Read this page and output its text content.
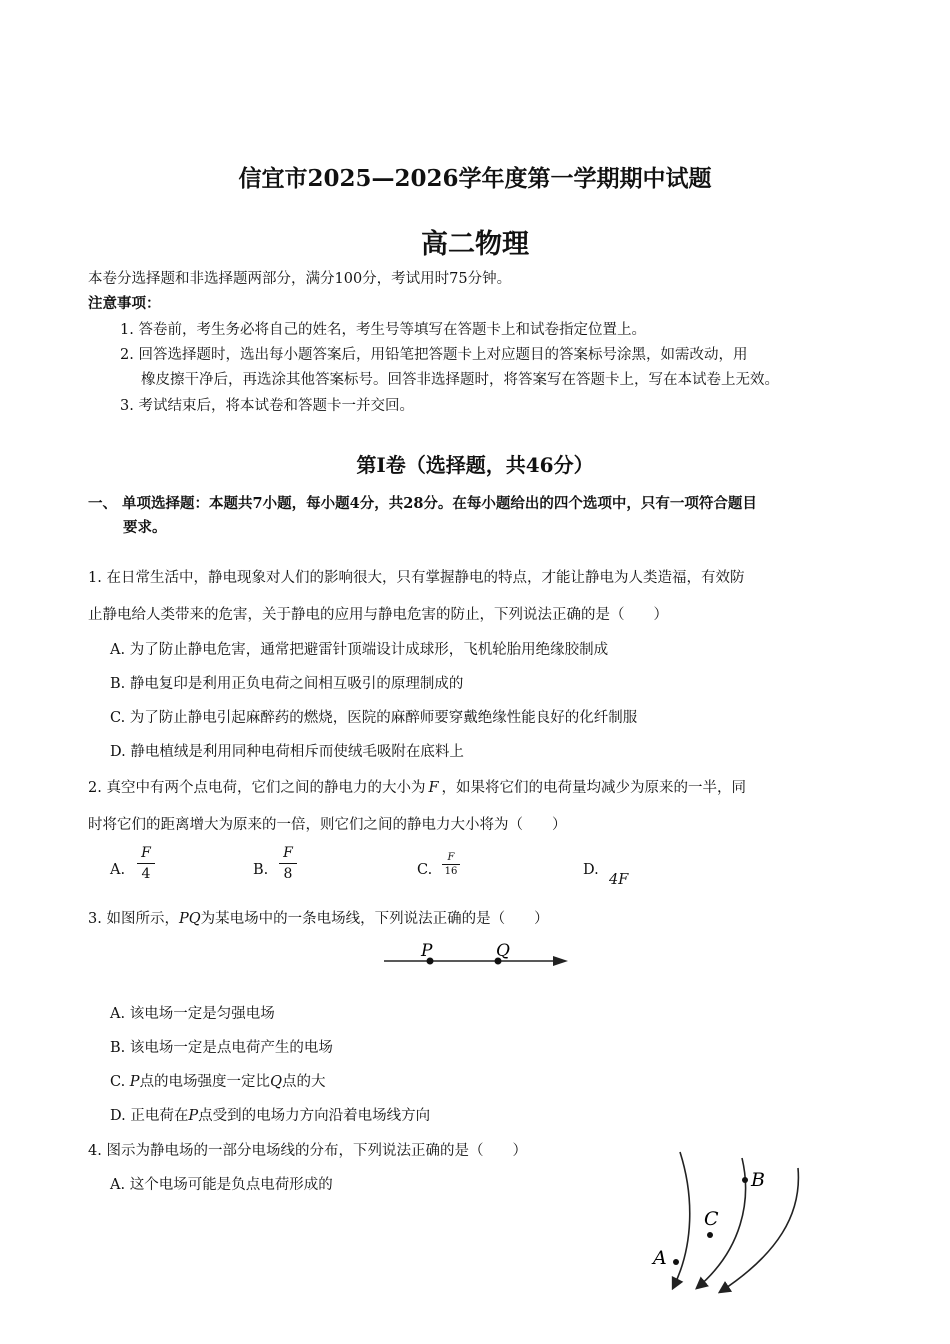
信宜市2025—2026学年度第一学期期中试题
高二物理
本卷分选择题和非选择题两部分，满分100分，考试用时75分钟。
注意事项：
1. 答卷前，考生务必将自己的姓名，考生号等填写在答题卡上和试卷指定位置上。
2. 回答选择题时，选出每小题答案后，用铅笔把答题卡上对应题目的答案标号涂黑，如需改动，用
橡皮擦干净后，再选涂其他答案标号。回答非选择题时，将答案写在答题卡上，写在本试卷上无效。
3. 考试结束后，将本试卷和答题卡一并交回。
第Ⅰ卷（选择题，共46分）
一、 单项选择题：本题共7小题，每小题4分，共28分。在每小题给出的四个选项中，只有一项符合题目
要求。
1. 在日常生活中，静电现象对人们的影响很大，只有掌握静电的特点，才能让静电为人类造福，有效防
止静电给人类带来的危害，关于静电的应用与静电危害的防止，下列说法正确的是（　　）
A. 为了防止静电危害，通常把避雷针顶端设计成球形，飞机轮胎用绝缘胶制成
B. 静电复印是利用正负电荷之间相互吸引的原理制成的
C. 为了防止静电引起麻醉药的燃烧，医院的麻醉师要穿戴绝缘性能良好的化纤制服
D. 静电植绒是利用同种电荷相斥而使绒毛吸附在底料上
2. 真空中有两个点电荷，它们之间的静电力的大小为 F ，如果将它们的电荷量均减少为原来的一半，同
时将它们的距离增大为原来的一倍，则它们之间的静电力大小将为（　　）
A.
F
4	B.
F
8	C.
F
16	D.
4F
3. 如图所示，PQ为某电场中的一条电场线，下列说法正确的是（　　）
P	Q
A. 该电场一定是匀强电场
B. 该电场一定是点电荷产生的电场
C. P点的电场强度一定比Q点的大
D. 正电荷在P点受到的电场力方向沿着电场线方向
4. 图示为静电场的一部分电场线的分布，下列说法正确的是（　　）
A. 这个电场可能是负点电荷形成的
A
B
C
